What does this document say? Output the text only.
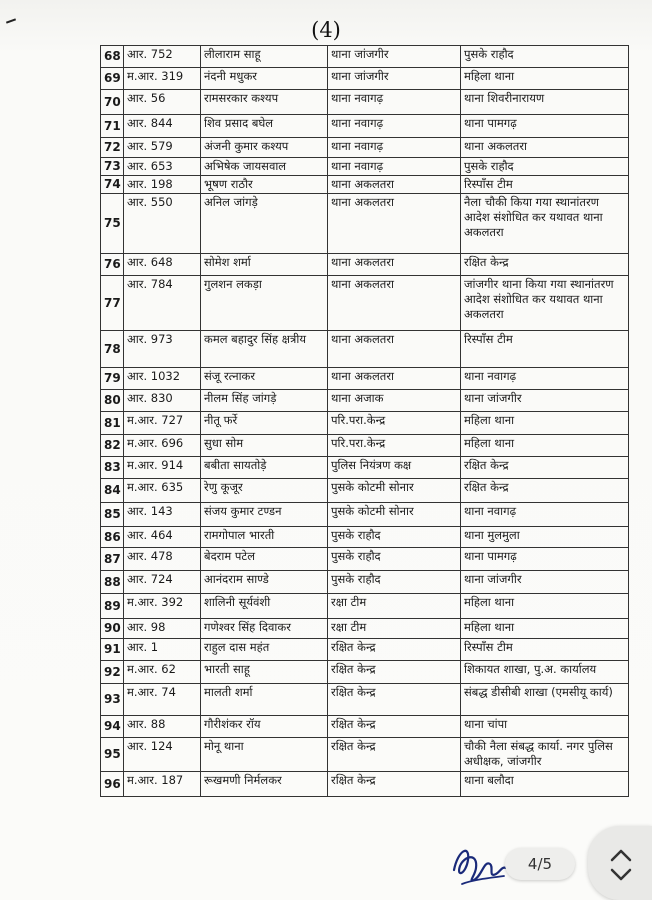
(4)
68	आर. 752	लीलाराम साहू	थाना जांजगीर	पुसके राहौद
69	म.आर. 319	नंदनी मधुकर	थाना जांजगीर	महिला थाना
70	आर. 56	रामसरकार कश्यप	थाना नवागढ़	थाना शिवरीनारायण
71	आर. 844	शिव प्रसाद बघेल	थाना नवागढ़	थाना पामगढ़
72	आर. 579	अंजनी कुमार कश्यप	थाना नवागढ़	थाना अकलतरा
73	आर. 653	अभिषेक जायसवाल	थाना नवागढ़	पुसके राहौद
74	आर. 198	भूषण राठौर	थाना अकलतरा	रिस्पॉंस टीम
75	आर. 550	अनिल जांगड़े	थाना अकलतरा	नैला चौकी किया गया स्थानांतरण आदेश संशोधित कर यथावत थाना अकलतरा
76	आर. 648	सोमेश शर्मा	थाना अकलतरा	रक्षित केन्द्र
77	आर. 784	गुलशन लकड़ा	थाना अकलतरा	जांजगीर थाना किया गया स्थानांतरण आदेश संशोधित कर यथावत थाना अकलतरा
78	आर. 973	कमल बहादुर सिंह क्षत्रीय	थाना अकलतरा	रिस्पॉंस टीम
79	आर. 1032	संजू रत्नाकर	थाना अकलतरा	थाना नवागढ़
80	आर. 830	नीलम सिंह जांगड़े	थाना अजाक	थाना जांजगीर
81	म.आर. 727	नीतू फर्रे	परि.परा.केन्द्र	महिला थाना
82	म.आर. 696	सुधा सोम	परि.परा.केन्द्र	महिला थाना
83	म.आर. 914	बबीता सायतोड़े	पुलिस नियंत्रण कक्ष	रक्षित केन्द्र
84	म.आर. 635	रेणु कूजूर	पुसके कोटमी सोनार	रक्षित केन्द्र
85	आर. 143	संजय कुमार टण्डन	पुसके कोटमी सोनार	थाना नवागढ़
86	आर. 464	रामगोपाल भारती	पुसके राहौद	थाना मुलमुला
87	आर. 478	बेदराम पटेल	पुसके राहौद	थाना पामगढ़
88	आर. 724	आनंदराम साण्डे	पुसके राहौद	थाना जांजगीर
89	म.आर. 392	शालिनी सूर्यवंशी	रक्षा टीम	महिला थाना
90	आर. 98	गणेश्वर सिंह दिवाकर	रक्षा टीम	महिला थाना
91	आर. 1	राहुल दास महंत	रक्षित केन्द्र	रिस्पॉंस टीम
92	म.आर. 62	भारती साहू	रक्षित केन्द्र	शिकायत शाखा, पु.अ. कार्यालय
93	म.आर. 74	मालती शर्मा	रक्षित केन्द्र	संबद्ध डीसीबी शाखा (एमसीयू कार्य)
94	आर. 88	गौरीशंकर रॉय	रक्षित केन्द्र	थाना चांपा
95	आर. 124	मोनू थाना	रक्षित केन्द्र	चौकी नैला संबद्ध कार्या. नगर पुलिस अधीक्षक, जांजगीर
96	म.आर. 187	रूखमणी निर्मलकर	रक्षित केन्द्र	थाना बलौदा
4/5
